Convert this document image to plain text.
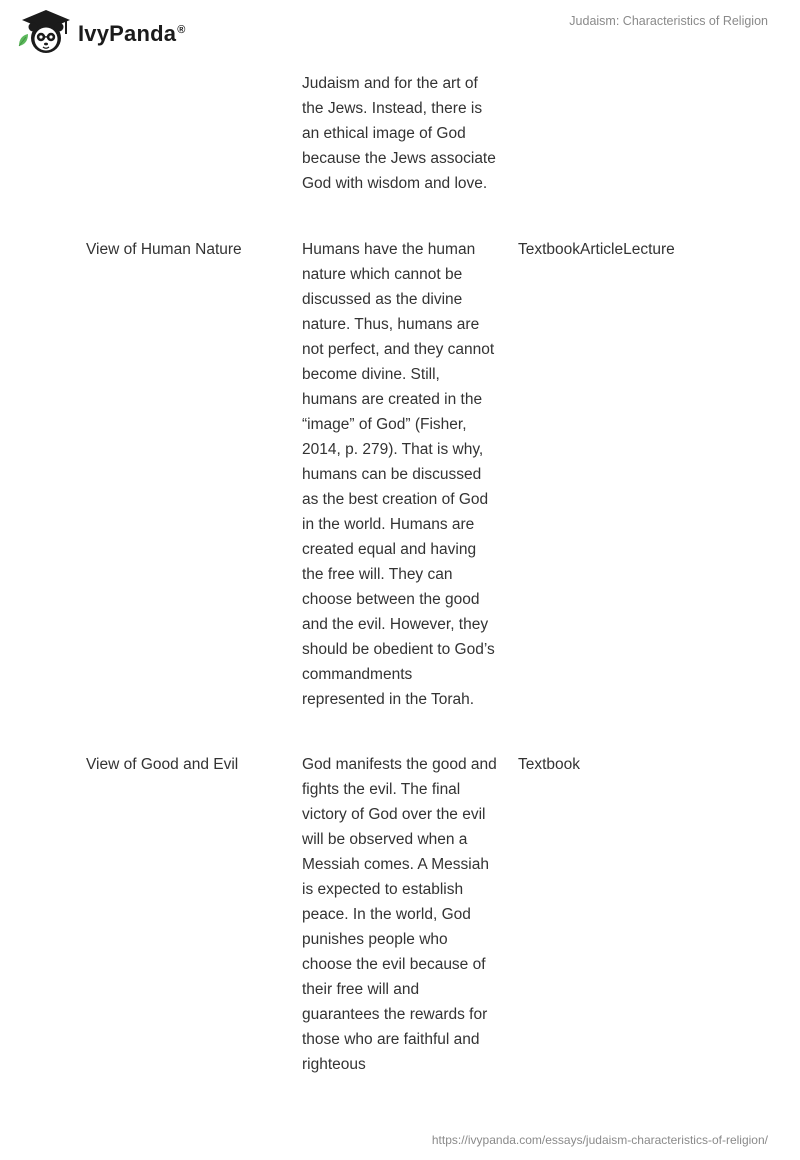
IvyPanda®
Judaism: Characteristics of Religion
Judaism and for the art of the Jews. Instead, there is an ethical image of God because the Jews associate God with wisdom and love.
View of Human Nature	Humans have the human nature which cannot be discussed as the divine nature. Thus, humans are not perfect, and they cannot become divine. Still, humans are created in the “image” of God” (Fisher, 2014, p. 279). That is why, humans can be discussed as the best creation of God in the world. Humans are created equal and having the free will. They can choose between the good and the evil. However, they should be obedient to God’s commandments represented in the Torah.
TextbookArticleLecture
View of Good and Evil	God manifests the good and fights the evil. The final victory of God over the evil will be observed when a Messiah comes. A Messiah is expected to establish peace. In the world, God punishes people who choose the evil because of their free will and guarantees the rewards for those who are faithful and righteous
Textbook
https://ivypanda.com/essays/judaism-characteristics-of-religion/
